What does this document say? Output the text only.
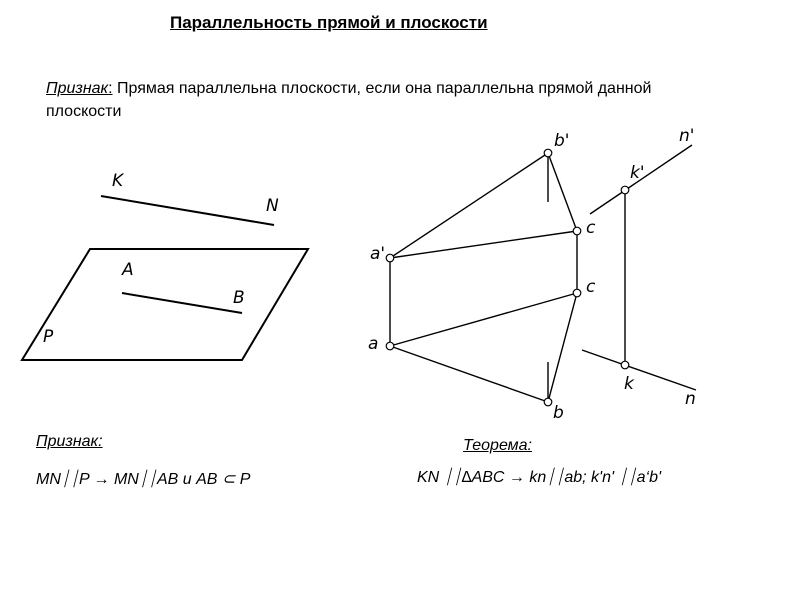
Параллельность прямой и плоскости
Признак: Прямая параллельна плоскости, если она параллельна прямой данной плоскости
K
N
A
B
P
b'	n'
k'
c
a'
c
a
k
n
b
Признак:
MN⏐⏐P → MN⏐⏐AB и AB ⊂ P
Теорема:
KN ⏐⏐∆ABC → kn⏐⏐ab; k'n' ⏐⏐a‘b'
